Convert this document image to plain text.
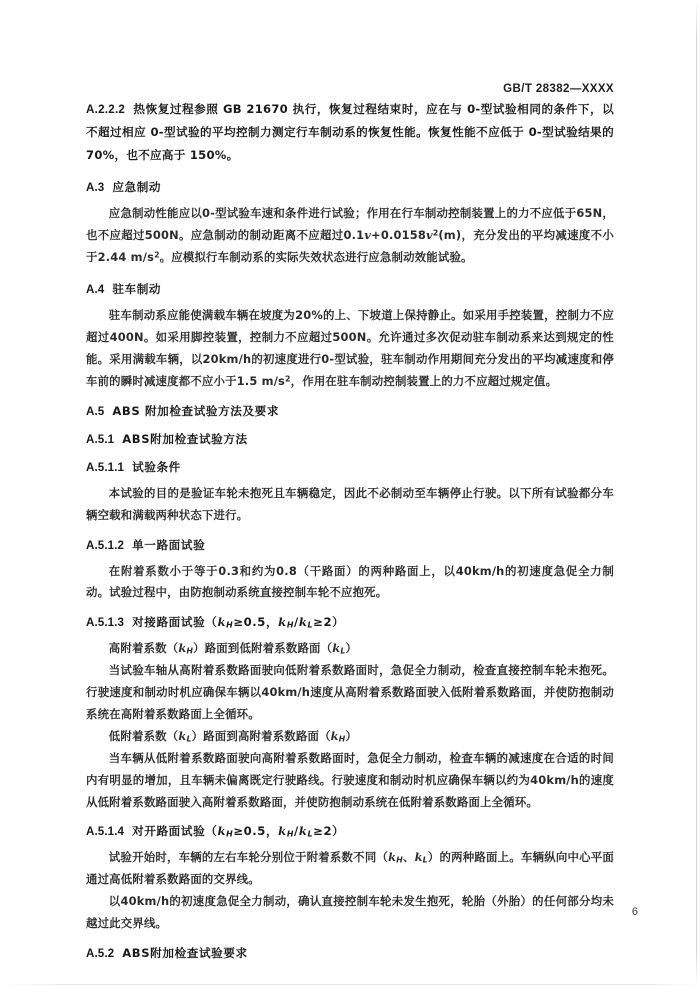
GB/T 28382—XXXX

A.2.2.2 热恢复过程参照 GB 21670 执行，恢复过程结束时，应在与 0-型试验相同的条件下，以不超过相应 0-型试验的平均控制力测定行车制动系的恢复性能。恢复性能不应低于 0-型试验结果的 70%，也不应高于 150%。

A.3 应急制动

应急制动性能应以0-型试验车速和条件进行试验；作用在行车制动控制装置上的力不应低于65N，也不应超过500N。应急制动的制动距离不应超过$0.1v+0.0158v^2(m)$，充分发出的平均减速度不小于2.44 $m/s^2$。应模拟行车制动系的实际失效状态进行应急制动效能试验。

A.4 驻车制动

驻车制动系应能使满载车辆在坡度为20%的上、下坡道上保持静止。如采用手控装置，控制力不应超过400N。如采用脚控装置，控制力不应超过500N。允许通过多次促动驻车制动系来达到规定的性能。采用满载车辆，以20km/h的初速度进行0-型试验，驻车制动作用期间充分发出的平均减速度和停车前的瞬时减速度都不应小于1.5 $m/s^2$，作用在驻车制动控制装置上的力不应超过规定值。

A.5 ABS 附加检查试验方法及要求

A.5.1 ABS附加检查试验方法

A.5.1.1 试验条件

本试验的目的是验证车轮未抱死且车辆稳定，因此不必制动至车辆停止行驶。以下所有试验都分车辆空载和满载两种状态下进行。

A.5.1.2 单一路面试验

在附着系数小于等于0.3和约为0.8（干路面）的两种路面上，以40km/h的初速度急促全力制动。试验过程中，由防抱制动系统直接控制车轮不应抱死。

A.5.1.3 对接路面试验（$k_H\ge 0.5$，$k_H/k_L\ge 2$）

高附着系数$(k_H)$路面到低附着系数路面$(k_L)$

当试验车轴从高附着系数路面驶向低附着系数路面时，急促全力制动，检查直接控制车轮未抱死。行驶速度和制动时机应确保车辆以40km/h速度从高附着系数路面驶入低附着系数路面，并使防抱制动系统在高附着系数路面上全循环。

低附着系数$(k_L)$路面到高附着系数路面$(k_H)$

当车辆从低附着系数路面驶向高附着系数路面时，急促全力制动，检查车辆的减速度在合适的时间内有明显的增加，且车辆未偏离既定行驶路线。行驶速度和制动时机应确保车辆以约为40km/h的速度从低附着系数路面驶入高附着系数路面，并使防抱制动系统在低附着系数路面上全循环。

A.5.1.4 对开路面试验（$k_H\ge 0.5$，$k_H/k_L\ge 2$）

试验开始时，车辆的左右车轮分别位于附着系数不同（$k_H$、$k_L$）的两种路面上。车辆纵向中心平面通过高低附着系数路面的交界线。

以40km/h的初速度急促全力制动，确认直接控制车轮未发生抱死，轮胎（外胎）的任何部分均未越过此交界线。

A.5.2 ABS附加检查试验要求

6
